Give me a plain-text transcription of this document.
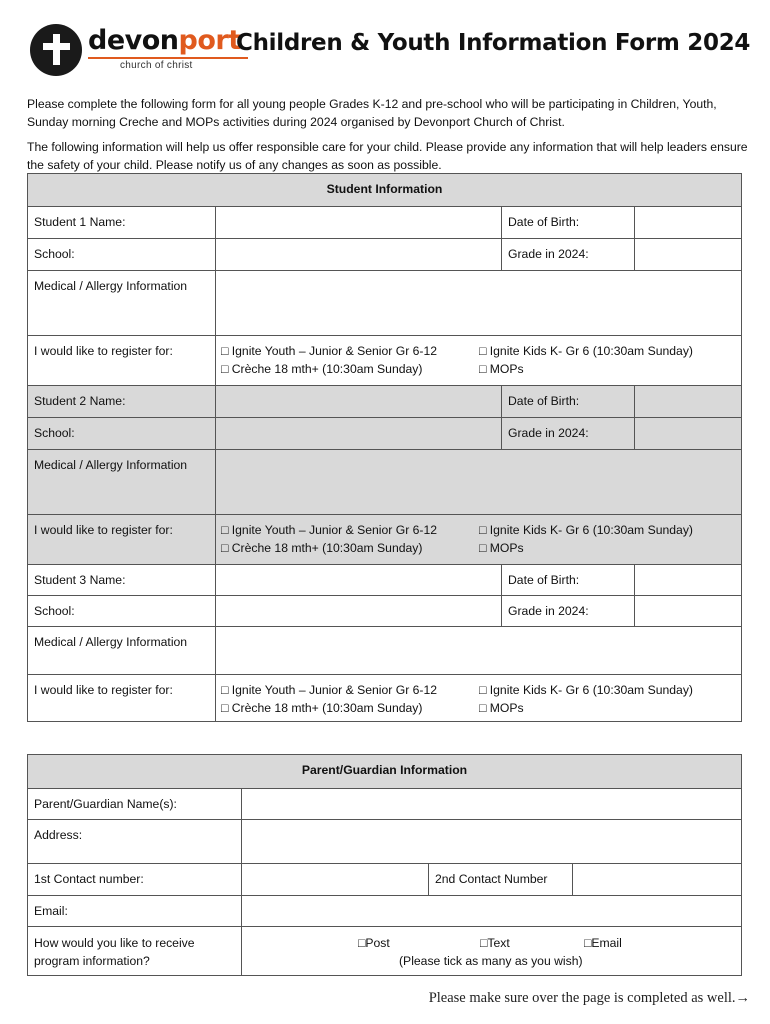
devonport
church of christ
Children & Youth Information Form 2024
Please complete the following form for all young people Grades K-12 and pre-school who will be participating in Children, Youth, Sunday morning Creche and MOPs activities during 2024 organised by Devonport Church of Christ.
The following information will help us offer responsible care for your child. Please provide any information that will help leaders ensure the safety of your child. Please notify us of any changes as soon as possible.
Student Information
Student 1 Name:	Date of Birth:
School:	Grade in 2024:
Medical / Allergy Information
I would like to register for:	□ Ignite Youth – Junior & Senior Gr 6-12
□ Crèche 18 mth+ (10:30am Sunday)
□ Ignite Kids K- Gr 6 (10:30am Sunday)
□ MOPs
Student 2 Name:	Date of Birth:
School:	Grade in 2024:
Medical / Allergy Information
I would like to register for:	□ Ignite Youth – Junior & Senior Gr 6-12
□ Crèche 18 mth+ (10:30am Sunday)
□ Ignite Kids K- Gr 6 (10:30am Sunday)
□ MOPs
Student 3 Name:	Date of Birth:
School:	Grade in 2024:
Medical / Allergy Information
I would like to register for:	□ Ignite Youth – Junior & Senior Gr 6-12
□ Crèche 18 mth+ (10:30am Sunday)
□ Ignite Kids K- Gr 6 (10:30am Sunday)
□ MOPs
Parent/Guardian Information
Parent/Guardian Name(s):
Address:
1st Contact number:	2nd Contact Number
Email:
How would you like to receive
program information?
□Post	□Text	□Email
(Please tick as many as you wish)
Please make sure over the page is completed as well.→
